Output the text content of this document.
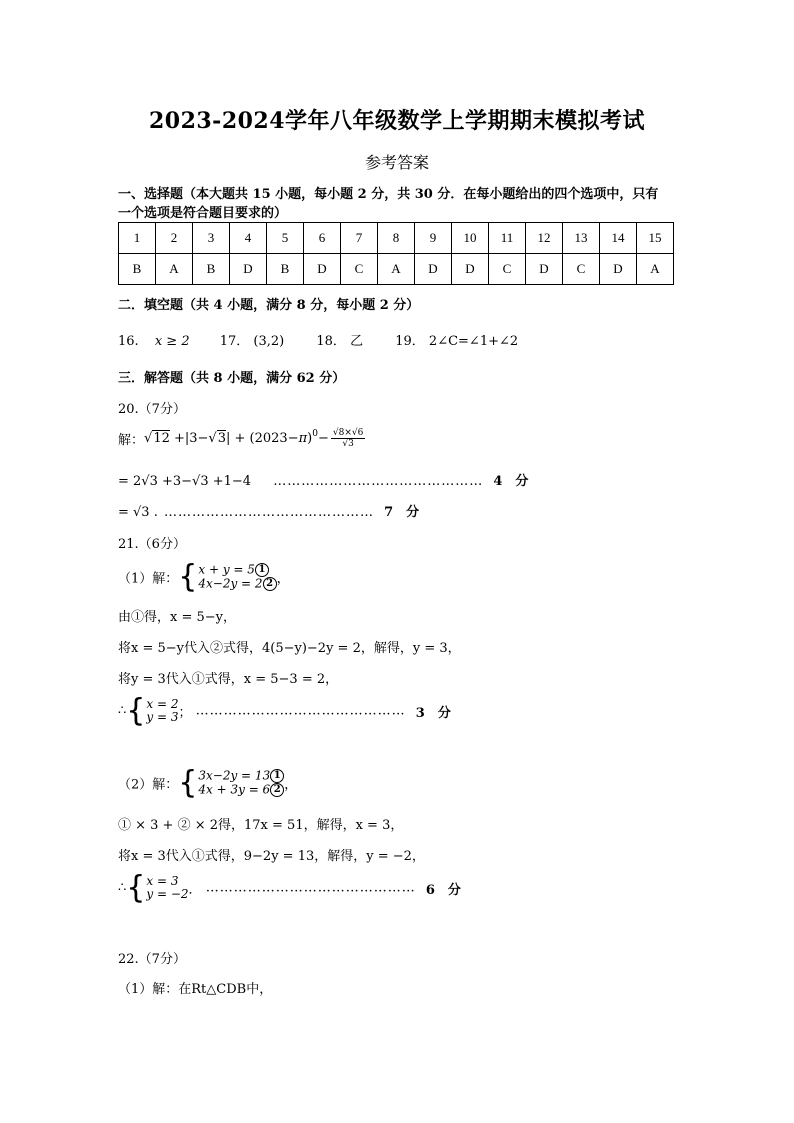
2023-2024学年八年级数学上学期期末模拟考试
参考答案
一、选择题（本大题共 15 小题，每小题 2 分，共 30 分．在每小题给出的四个选项中，只有
一个选项是符合题目要求的）
1	2	3	4	5	6	7	8	9	10	11	12	13	14	15
B	A	B	D	B	D	C	A	D	D	C	D	C	D	A
二．填空题（共 4 小题，满分 8 分，每小题 2 分）
16. x ≥ 2 17． (3,2) 18． 乙 19． 2∠C=∠1+∠2
三．解答题（共 8 小题，满分 62 分）
20.（7分）
解： $√12 +|3-√3| + (2023-\pi)^0- \frac{√8\times√6}{√3}$
= 2√3 +3−√3 +1−4 ……………………………………… 4　分
= √3 . ……………………………………… 7　分
21.（6分）
（1）解： { x + y = 5 1
4x−2y = 2 2 ，
由①得，x = 5−y，
将x = 5−y代入②式得，4(5−y)−2y = 2，解得，y = 3，
将y = 3代入①式得，x = 5−3 = 2，
∴ { x = 2
y = 3 ； ……………………………………… 3　分
（2）解： { 3x−2y = 13 1
4x + 3y = 6 2 ，
① × 3 + ② × 2得，17x = 51，解得，x = 3，
将x = 3代入①式得，9−2y = 13，解得，y = −2，
∴ { x = 3
y = −2 ． ……………………………………… 6　分
22.（7分）
（1）解：在Rt△CDB中，
